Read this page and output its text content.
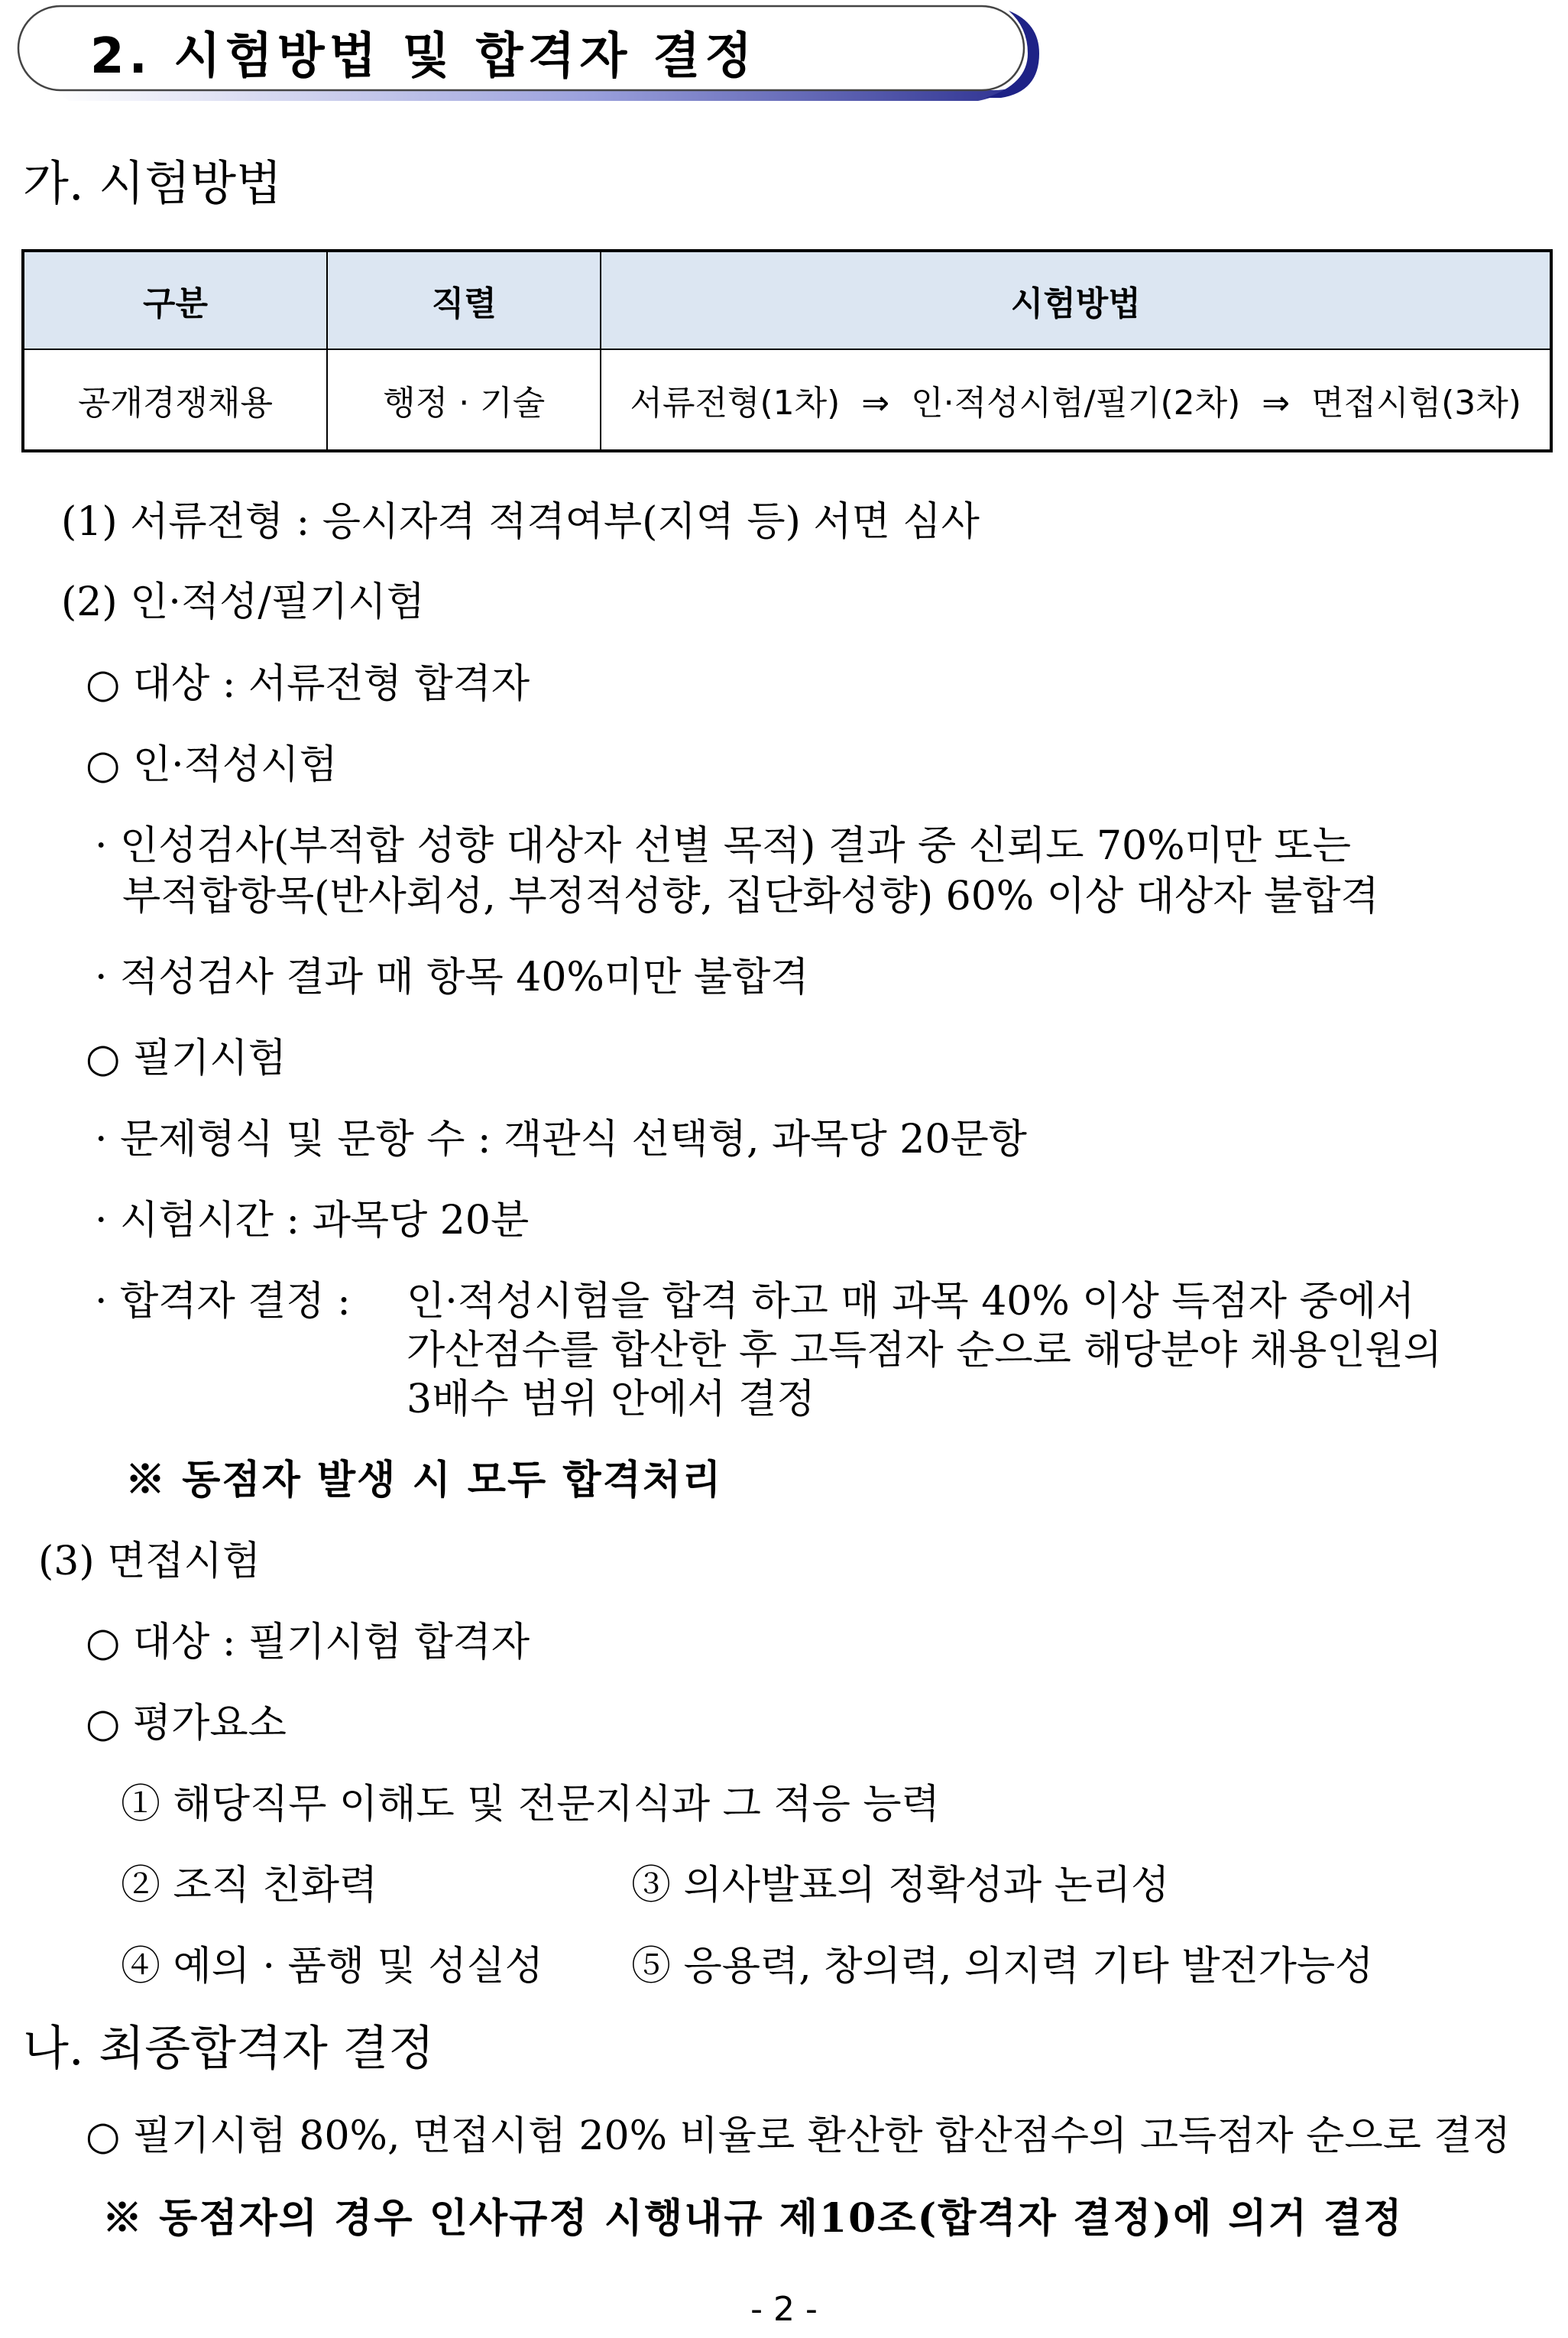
2. 시험방법 및 합격자 결정
가. 시험방법
구분	직렬	시험방법
공개경쟁채용	행정 · 기술	서류전형(1차)  ⇒  인·적성시험/필기(2차)  ⇒  면접시험(3차)
(1) 서류전형 : 응시자격 적격여부(지역 등) 서면 심사
(2) 인·적성/필기시험
○ 대상 : 서류전형 합격자
○ 인·적성시험
· 인성검사(부적합 성향 대상자 선별 목적) 결과 중 신뢰도 70%미만 또는
부적합항목(반사회성, 부정적성향, 집단화성향) 60% 이상 대상자 불합격
· 적성검사 결과 매 항목 40%미만 불합격
○ 필기시험
· 문제형식 및 문항 수 : 객관식 선택형, 과목당 20문항
· 시험시간 : 과목당 20분
· 합격자 결정 : 인·적성시험을 합격 하고 매 과목 40% 이상 득점자 중에서
가산점수를 합산한 후 고득점자 순으로 해당분야 채용인원의
3배수 범위 안에서 결정
※ 동점자 발생 시 모두 합격처리
(3) 면접시험
○ 대상 : 필기시험 합격자
○ 평가요소
① 해당직무 이해도 및 전문지식과 그 적응 능력
② 조직 친화력	③ 의사발표의 정확성과 논리성
④ 예의 · 품행 및 성실성 ⑤ 응용력, 창의력, 의지력 기타 발전가능성
나. 최종합격자 결정
○ 필기시험 80%, 면접시험 20% 비율로 환산한 합산점수의 고득점자 순으로 결정
※ 동점자의 경우 인사규정 시행내규 제10조(합격자 결정)에 의거 결정
- 2 -
